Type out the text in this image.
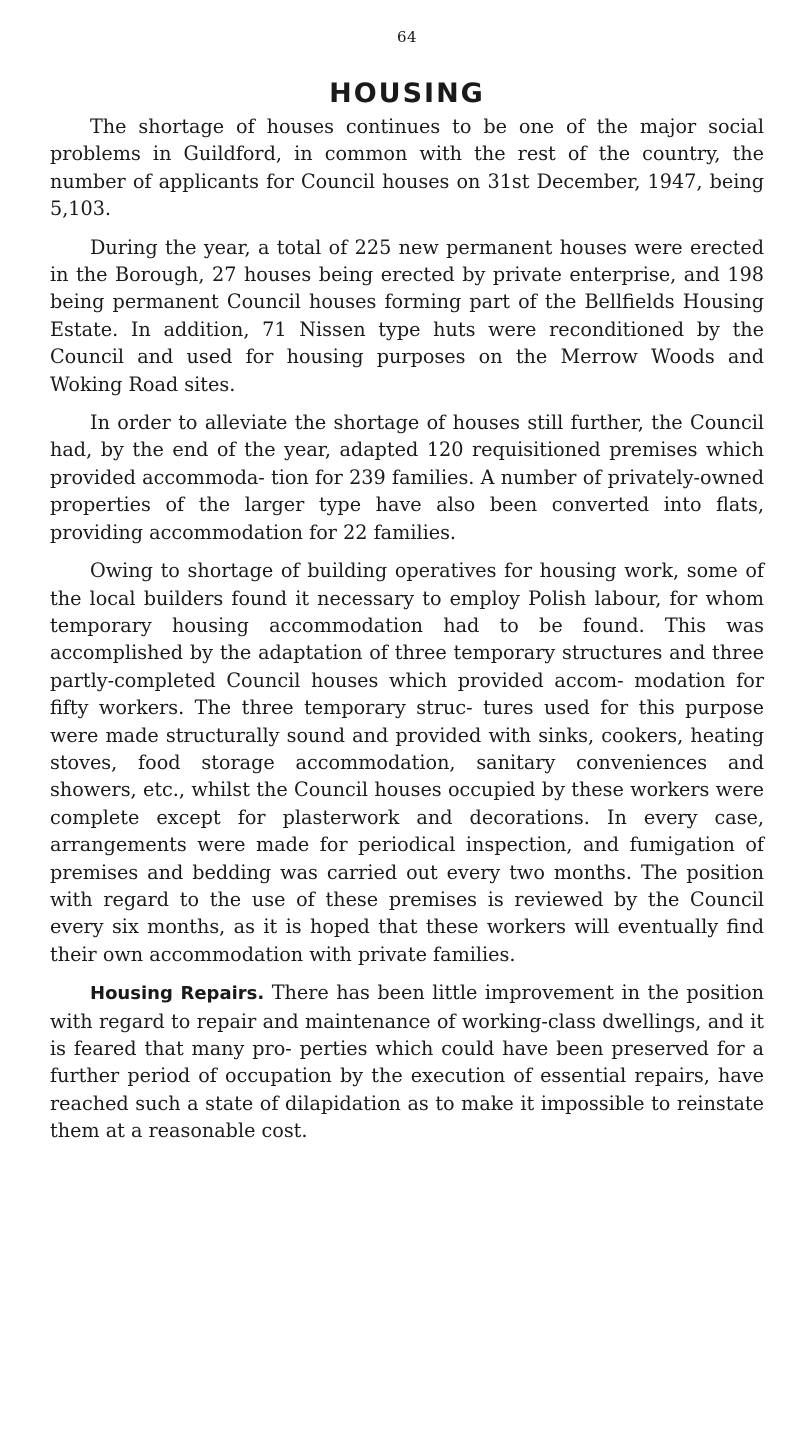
64
HOUSING

The shortage of houses continues to be one of the major social problems in Guildford, in common with the rest of the country, the number of applicants for Council houses on 31st December, 1947, being 5,103.

During the year, a total of 225 new permanent houses were erected in the Borough, 27 houses being erected by private enterprise, and 198 being permanent Council houses forming part of the Bellfields Housing Estate. In addition, 71 Nissen type huts were reconditioned by the Council and used for housing purposes on the Merrow Woods and Woking Road sites.

In order to alleviate the shortage of houses still further, the Council had, by the end of the year, adapted 120 requisitioned premises which provided accommoda- tion for 239 families. A number of privately-owned properties of the larger type have also been converted into flats, providing accommodation for 22 families.

Owing to shortage of building operatives for housing work, some of the local builders found it necessary to employ Polish labour, for whom temporary housing accommodation had to be found. This was accomplished by the adaptation of three temporary structures and three partly-completed Council houses which provided accom- modation for fifty workers. The three temporary struc- tures used for this purpose were made structurally sound and provided with sinks, cookers, heating stoves, food storage accommodation, sanitary conveniences and showers, etc., whilst the Council houses occupied by these workers were complete except for plasterwork and decorations. In every case, arrangements were made for periodical inspection, and fumigation of premises and bedding was carried out every two months. The position with regard to the use of these premises is reviewed by the Council every six months, as it is hoped that these workers will eventually find their own accommodation with private families.

Housing Repairs. There has been little improvement in the position with regard to repair and maintenance of working-class dwellings, and it is feared that many pro- perties which could have been preserved for a further period of occupation by the execution of essential repairs, have reached such a state of dilapidation as to make it impossible to reinstate them at a reasonable cost.
